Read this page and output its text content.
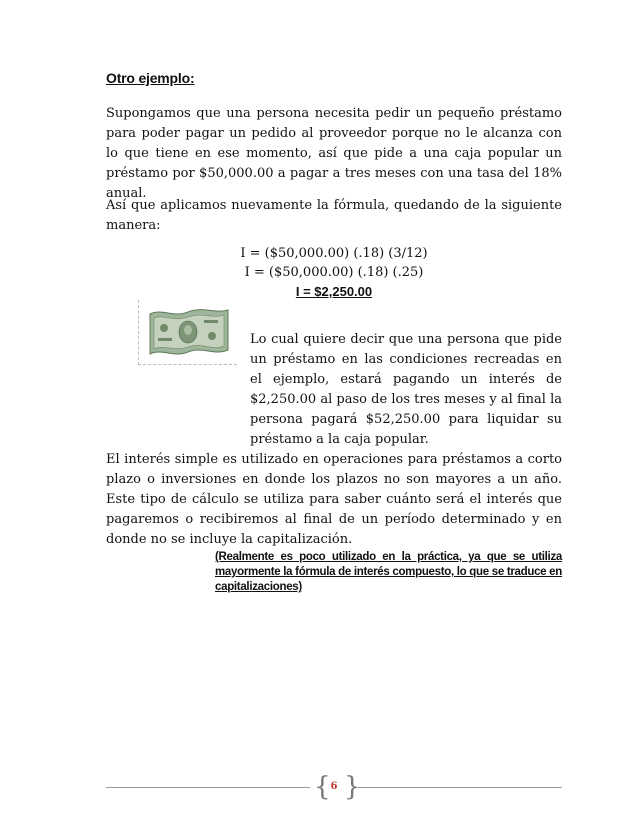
Otro ejemplo:
Supongamos que una persona necesita pedir un pequeño préstamo para poder pagar un pedido al proveedor porque no le alcanza con lo que tiene en ese momento, así que pide a una caja popular un préstamo por $50,000.00 a pagar a tres meses con una tasa del 18% anual.
Así que aplicamos nuevamente la fórmula, quedando de la siguiente manera:
I = ($50,000.00) (.18) (3/12)
I = ($50,000.00) (.18) (.25)
I = $2,250.00
Lo cual quiere decir que una persona que pide un préstamo en las condiciones recreadas en el ejemplo, estará pagando un interés de $2,250.00 al paso de los tres meses y al final la persona pagará $52,250.00 para liquidar su préstamo a la caja popular.
El interés simple es utilizado en operaciones para préstamos a corto plazo o inversiones en donde los plazos no son mayores a un año. Este tipo de cálculo se utiliza para saber cuánto será el interés que pagaremos o recibiremos al final de un período determinado y en donde no se incluye la capitalización.
(Realmente es poco utilizado en la práctica, ya que se utiliza mayormente la fórmula de interés compuesto, lo que se traduce en capitalizaciones)
{ }
6
